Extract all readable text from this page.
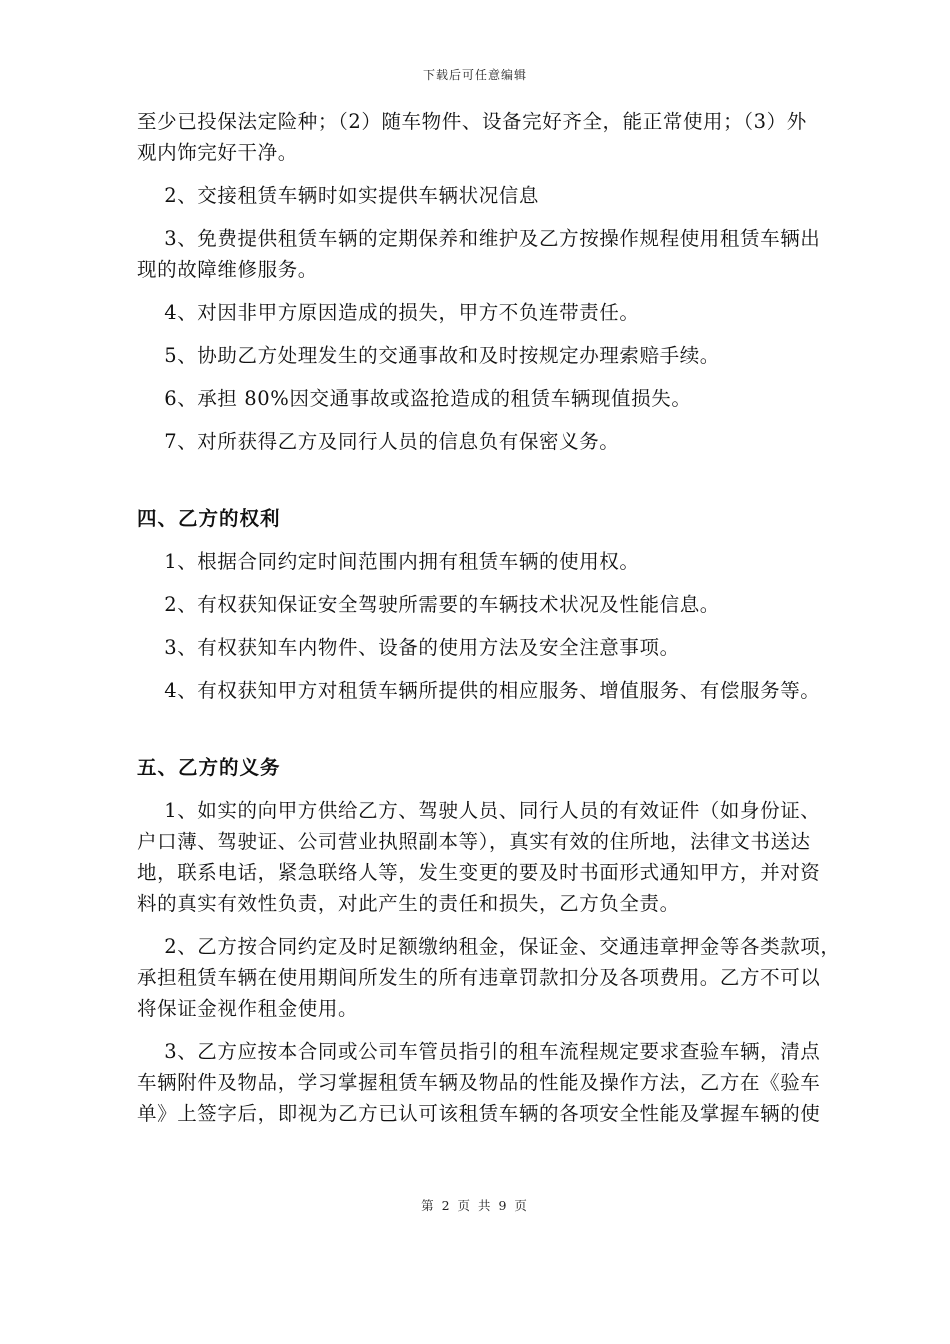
下载后可任意编辑
至少已投保法定险种；（2）随车物件、设备完好齐全，能正常使用；（3）外
观内饰完好干净。
2、交接租赁车辆时如实提供车辆状况信息
3、免费提供租赁车辆的定期保养和维护及乙方按操作规程使用租赁车辆出
现的故障维修服务。
4、对因非甲方原因造成的损失，甲方不负连带责任。
5、协助乙方处理发生的交通事故和及时按规定办理索赔手续。
6、承担 80%因交通事故或盗抢造成的租赁车辆现值损失。
7、对所获得乙方及同行人员的信息负有保密义务。
四、乙方的权利
1、根据合同约定时间范围内拥有租赁车辆的使用权。
2、有权获知保证安全驾驶所需要的车辆技术状况及性能信息。
3、有权获知车内物件、设备的使用方法及安全注意事项。
4、有权获知甲方对租赁车辆所提供的相应服务、增值服务、有偿服务等。
五、乙方的义务
1、如实的向甲方供给乙方、驾驶人员、同行人员的有效证件（如身份证、
户口薄、驾驶证、公司营业执照副本等），真实有效的住所地，法律文书送达
地，联系电话，紧急联络人等，发生变更的要及时书面形式通知甲方，并对资
料的真实有效性负责，对此产生的责任和损失，乙方负全责。
2、乙方按合同约定及时足额缴纳租金，保证金、交通违章押金等各类款项，
承担租赁车辆在使用期间所发生的所有违章罚款扣分及各项费用。乙方不可以
将保证金视作租金使用。
3、乙方应按本合同或公司车管员指引的租车流程规定要求查验车辆，清点
车辆附件及物品，学习掌握租赁车辆及物品的性能及操作方法，乙方在《验车
单》上签字后，即视为乙方已认可该租赁车辆的各项安全性能及掌握车辆的使
第 2 页 共 9 页
